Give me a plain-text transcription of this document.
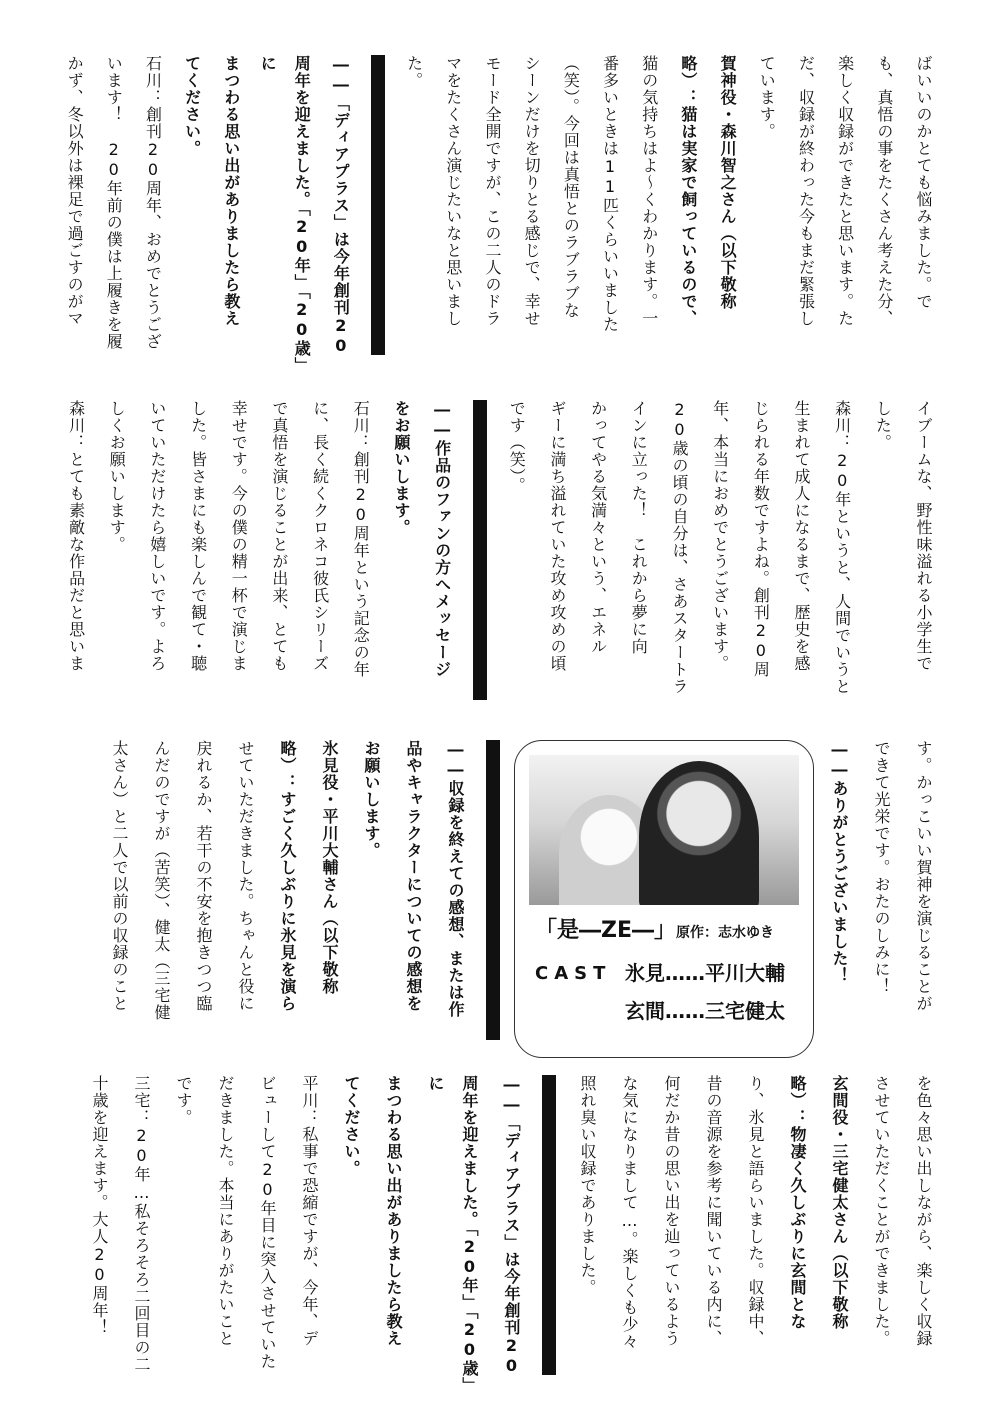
ばいいのかとても悩みました。で
も、真悟の事をたくさん考えた分、
楽しく収録ができたと思います。た
だ、収録が終わった今もまだ緊張し
ています。
賀神役・森川智之さん（以下敬称
略）：猫は実家で飼っているので、
猫の気持ちはよ〜くわかります。一
番多いときは11匹くらいいました
（笑）。今回は真悟とのラブラブな
シーンだけを切りとる感じで、幸せ
モード全開ですが、この二人のドラ
マをたくさん演じたいなと思いまし
た。
――「ディアプラス」は今年創刊20
周年を迎えました。「20年」「20歳」に
まつわる思い出がありましたら教え
てください。
石川：創刊20周年、おめでとうござ
います！　20年前の僕は上履きを履
かず、冬以外は裸足で過ごすのがマ
イブームな、野性味溢れる小学生で
した。
森川：20年というと、人間でいうと
生まれて成人になるまで、歴史を感
じられる年数ですよね。創刊20周
年、本当におめでとうございます。
20歳の頃の自分は、さあスタートラ
インに立った！　これから夢に向
かってやる気満々という、エネル
ギーに満ち溢れていた攻め攻めの頃
です（笑）。
――作品のファンの方へメッセージ
をお願いします。
石川：創刊20周年という記念の年
に、長く続くクロネコ彼氏シリーズ
で真悟を演じることが出来、とても
幸せです。今の僕の精一杯で演じま
した。皆さまにも楽しんで観て・聴
いていただけたら嬉しいです。よろ
しくお願いします。
森川：とても素敵な作品だと思いま
す。かっこいい賀神を演じることが
できて光栄です。おたのしみに！
――ありがとうございました！
「是―ZE―」原作：志水ゆき
CAST 氷見……平川大輔
玄間……三宅健太
――収録を終えての感想、または作
品やキャラクターについての感想を
お願いします。
氷見役・平川大輔さん（以下敬称
略）：すごく久しぶりに氷見を演ら
せていただきました。ちゃんと役に
戻れるか、若干の不安を抱きつつ臨
んだのですが（苦笑）、健太（三宅健
太さん）と二人で以前の収録のこと
を色々思い出しながら、楽しく収録
させていただくことができました。
玄間役・三宅健太さん（以下敬称
略）：物凄く久しぶりに玄間とな
り、氷見と語らいました。収録中、
昔の音源を参考に聞いている内に、
何だか昔の思い出を辿っているよう
な気になりまして…。楽しくも少々
照れ臭い収録でありました。
――「ディアプラス」は今年創刊20
周年を迎えました。「20年」「20歳」に
まつわる思い出がありましたら教え
てください。
平川：私事で恐縮ですが、今年、デ
ビューして20年目に突入させていた
だきました。本当にありがたいこと
です。
三宅：20年…私そろそろ二回目の二
十歳を迎えます。大人20周年！
